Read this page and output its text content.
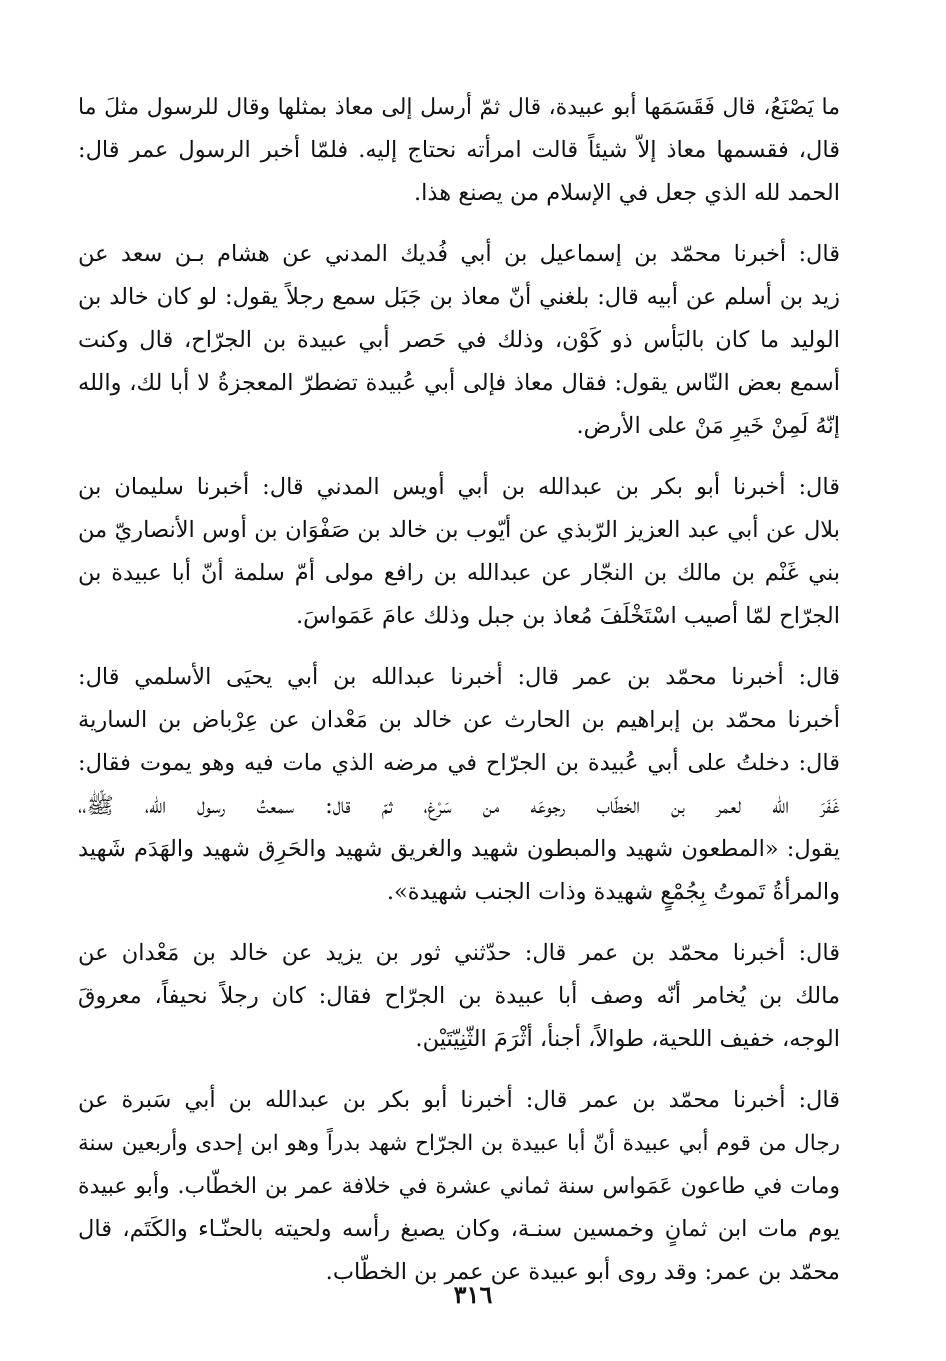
ما يَصْنَعُ، قال فَقَسَمَها أبو عبيدة، قال ثمّ أرسل إلى معاذ بمثلها وقال للرسول مثلَ ما
قال، فقسمها معاذ إلاّ شيئاً قالت امرأته نحتاج إليه. فلمّا أخبر الرسول عمر قال:
الحمد لله الذي جعل في الإسلام من يصنع هذا.
قال: أخبرنا محمّد بن إسماعيل بن أبي فُديك المدني عن هشام بـن سعد عن
زيد بن أسلم عن أبيه قال: بلغني أنّ معاذ بن جَبَل سمع رجلاً يقول: لو كان خالد بن
الوليد ما كان بالبَأس ذو كَوْن، وذلك في حَصر أبي عبيدة بن الجرّاح، قال وكنت
أسمع بعض النّاس يقول: فقال معاذ فإلى أبي عُبيدة تضطرّ المعجزةُ لا أبا لك، والله
إنّهُ لَمِنْ خَيرِ مَنْ على الأرض.
قال: أخبرنا أبو بكر بن عبدالله بن أبي أويس المدني قال: أخبرنا سليمان بن
بلال عن أبي عبد العزيز الرّبذي عن أيّوب بن خالد بن صَفْوَان بن أوس الأنصاريّ من
بني غَنْم بن مالك بن النجّار عن عبدالله بن رافع مولى أمّ سلمة أنّ أبا عبيدة بن
الجرّاح لمّا أصيب اسْتَخْلَفَ مُعاذ بن جبل وذلك عامَ عَمَواسَ.
قال: أخبرنا محمّد بن عمر قال: أخبرنا عبدالله بن أبي يحيَى الأسلمي قال:
أخبرنا محمّد بن إبراهيم بن الحارث عن خالد بن مَعْدان عن عِرْباض بن السارية
قال: دخلتُ على أبي عُبيدة بن الجرّاح في مرضه الذي مات فيه وهو يموت فقال:
غَفَرَ الله لعمر بن الخطّاب رجوعَه من سَرْغ، ثمّ قال: سمعتُ رسول الله، ﷺ،،
يقول: «المطعون شهيد والمبطون شهيد والغريق شهيد والحَرِق شهيد والهَدَم شَهيد
والمرأةُ تَموتُ بِجُمْعٍ شهيدة وذات الجنب شهيدة».
قال: أخبرنا محمّد بن عمر قال: حدّثني ثور بن يزيد عن خالد بن مَعْدان عن
مالك بن يُخامر أنّه وصف أبا عبيدة بن الجرّاح فقال: كان رجلاً نحيفاً، معروقَ
الوجه، خفيف اللحية، طوالاً، أجنأ، أثْرَمَ الثّنِيّتَيْن.
قال: أخبرنا محمّد بن عمر قال: أخبرنا أبو بكر بن عبدالله بن أبي سَبرة عن
رجال من قوم أبي عبيدة أنّ أبا عبيدة بن الجرّاح شهد بدراً وهو ابن إحدى وأربعين سنة
ومات في طاعون عَمَواس سنة ثماني عشرة في خلافة عمر بن الخطّاب. وأبو عبيدة
يوم مات ابن ثمانٍ وخمسين سنـة، وكان يصبغ رأسه ولحيته بالحنّـاء والكَتَم، قال
محمّد بن عمر: وقد روى أبو عبيدة عن عمر بن الخطّاب.
٣١٦
